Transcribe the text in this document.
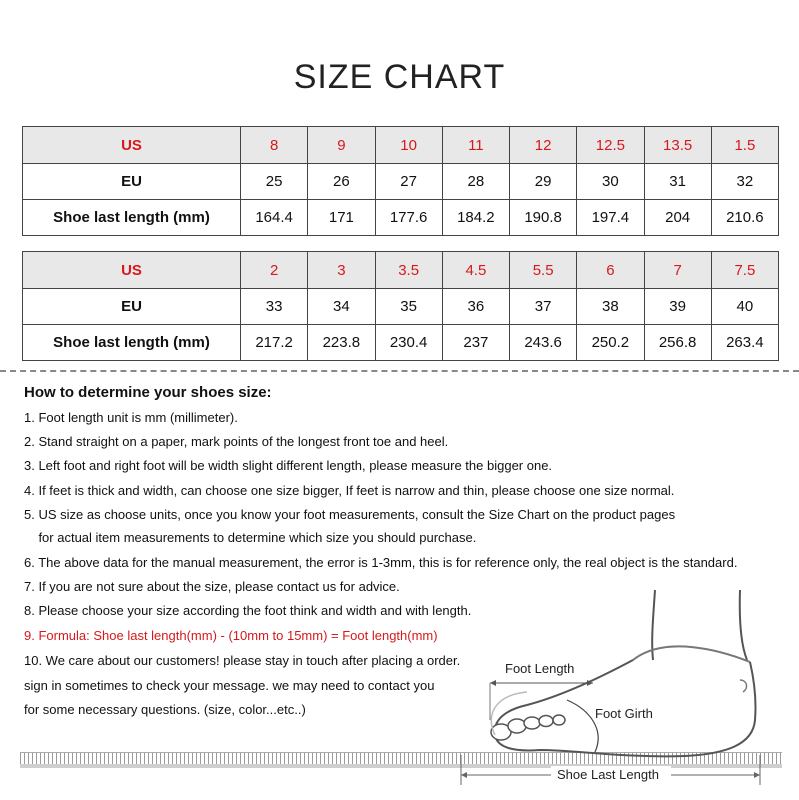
SIZE CHART
US	8	9	10	11	12	12.5	13.5	1.5
EU	25	26	27	28	29	30	31	32
Shoe last length (mm)	164.4	171	177.6	184.2	190.8	197.4	204	210.6
US	2	3	3.5	4.5	5.5	6	7	7.5
EU	33	34	35	36	37	38	39	40
Shoe last length (mm)	217.2	223.8	230.4	237	243.6	250.2	256.8	263.4
How to determine your shoes size:
1. Foot length unit is mm (millimeter).
2. Stand straight on a paper, mark points of the longest front toe and heel.
3. Left foot and right foot will be width slight different length, please measure the bigger one.
4. If feet is thick and width, can choose one size bigger, If feet is narrow and thin, please choose one size normal.
5. US size as choose units, once you know your foot measurements, consult the Size Chart on the product pages
for actual item measurements to determine which size you should purchase.
6. The above data for the manual measurement, the error is 1-3mm, this is for reference only, the real object is the standard.
7. If you are not sure about the size, please contact us for advice.
8. Please choose your size according the foot think and width and with length.
9. Formula: Shoe last length(mm) - (10mm to 15mm) = Foot length(mm)
10. We care about our customers! please stay in touch after placing a order.
sign in sometimes to check your message. we may need to contact you
for some necessary questions. (size, color...etc..)
Foot Length
Foot Girth
Shoe Last Length
